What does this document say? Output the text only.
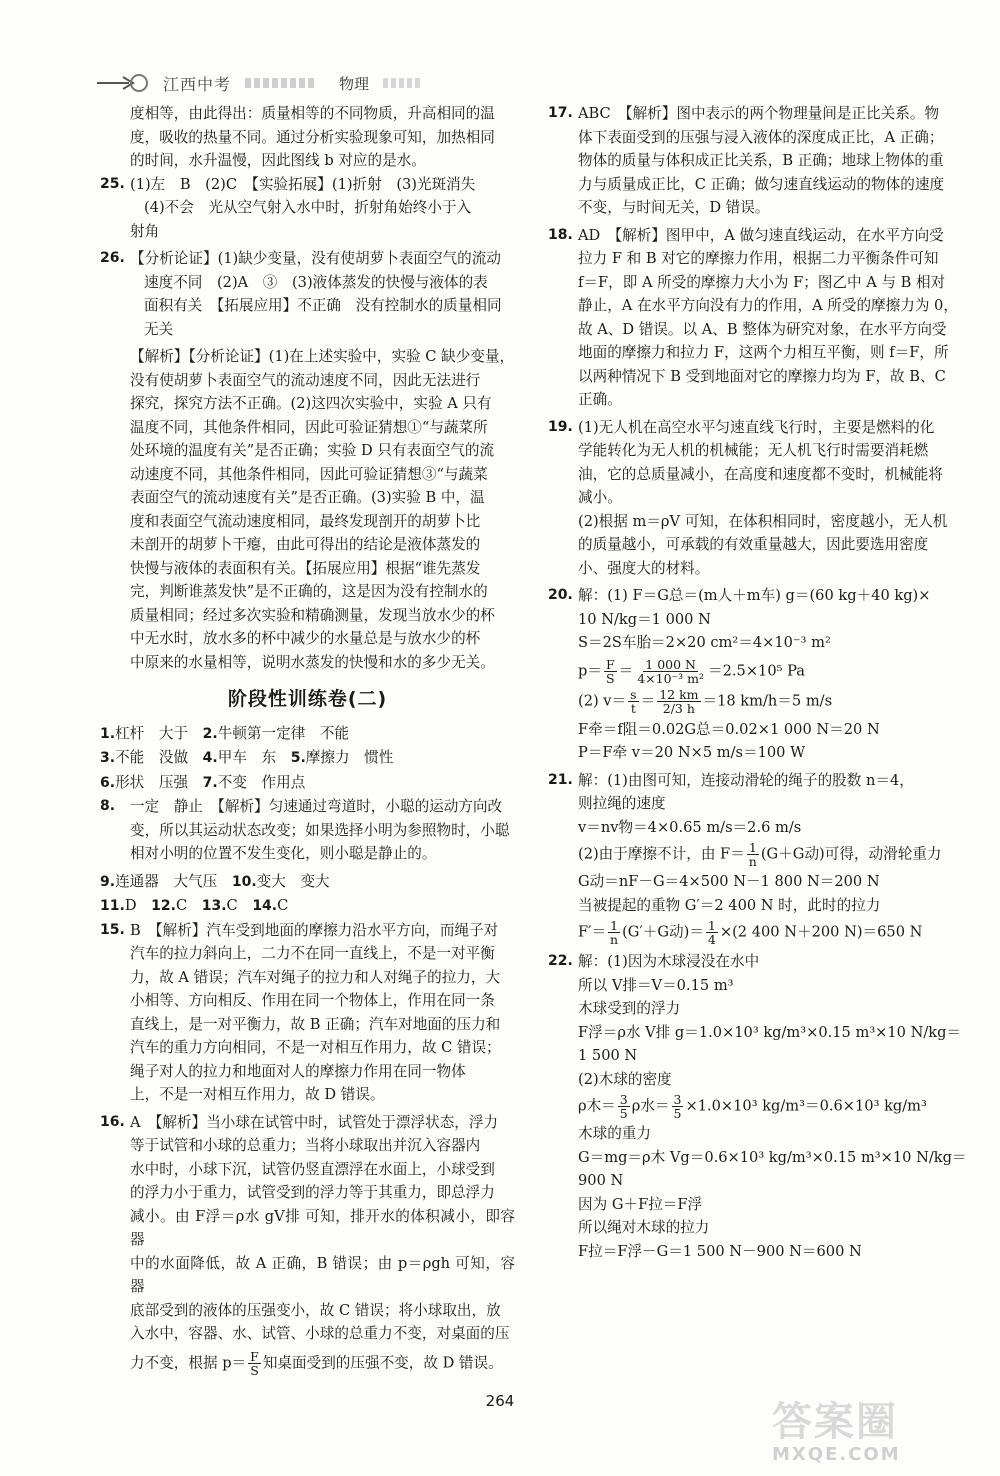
江西中考	物理

度相等，由此得出：质量相等的不同物质，升高相同的温

度，吸收的热量不同。通过分析实验现象可知，加热相同

的时间，水升温慢，因此图线 b 对应的是水。

25. (1)左　B　(2)C　【实验拓展】(1)折射　(3)光斑消失

(4)不会　光从空气射入水中时，折射角始终小于入

射角

26. 【分析论证】(1)缺少变量，没有使胡萝卜表面空气的流动

速度不同　(2)A　③　(3)液体蒸发的快慢与液体的表

面积有关　【拓展应用】不正确　没有控制水的质量相同

无关

【解析】【分析论证】(1)在上述实验中，实验 C 缺少变量，

没有使胡萝卜表面空气的流动速度不同，因此无法进行

探究，探究方法不正确。(2)这四次实验中，实验 A 只有

温度不同，其他条件相同，因此可验证猜想①“与蔬菜所

处环境的温度有关”是否正确；实验 D 只有表面空气的流

动速度不同，其他条件相同，因此可验证猜想③“与蔬菜

表面空气的流动速度有关”是否正确。(3)实验 B 中，温

度和表面空气流动速度相同，最终发现剖开的胡萝卜比

未剖开的胡萝卜干瘪，由此可得出的结论是液体蒸发的

快慢与液体的表面积有关。【拓展应用】根据“谁先蒸发

完，判断谁蒸发快”是不正确的，这是因为没有控制水的

质量相同；经过多次实验和精确测量，发现当放水少的杯

中无水时，放水多的杯中减少的水量总是与放水少的杯

中原来的水量相等，说明水蒸发的快慢和水的多少无关。

阶段性训练卷(二)

1.杠杆　大于　 2.牛顿第一定律　不能

3.不能　没做　 4.甲车　东　 5.摩擦力　惯性

6.形状　压强　 7.不变　作用点

8. 一定　静止　【解析】匀速通过弯道时，小聪的运动方向改

变，所以其运动状态改变；如果选择小明为参照物时，小聪

相对小明的位置不发生变化，则小聪是静止的。

9.连通器　大气压　 10.变大　变大

11.D　 12.C　 13.C　 14.C

15. B　【解析】汽车受到地面的摩擦力沿水平方向，而绳子对

汽车的拉力斜向上，二力不在同一直线上，不是一对平衡

力，故 A 错误；汽车对绳子的拉力和人对绳子的拉力，大

小相等、方向相反、作用在同一个物体上，作用在同一条

直线上，是一对平衡力，故 B 正确；汽车对地面的压力和

汽车的重力方向相同，不是一对相互作用力，故 C 错误；

绳子对人的拉力和地面对人的摩擦力作用在同一物体

上，不是一对相互作用力，故 D 错误。

16. A　【解析】当小球在试管中时，试管处于漂浮状态，浮力

等于试管和小球的总重力；当将小球取出并沉入容器内

水中时，小球下沉，试管仍竖直漂浮在水面上，小球受到

的浮力小于重力，试管受到的浮力等于其重力，即总浮力

减小。由 F浮＝ρ水 gV排 可知，排开水的体积减小，即容器

中的水面降低，故 A 正确，B 错误；由 p＝ρgh 可知，容器

底部受到的液体的压强变小，故 C 错误；将小球取出，放

入水中，容器、水、试管、小球的总重力不变，对桌面的压

力不变，根据 $p= \frac{F}{S}$ 知桌面受到的压强不变，故 D 错误。

17. ABC　【解析】图中表示的两个物理量间是正比关系。物

体下表面受到的压强与浸入液体的深度成正比，A 正确；

物体的质量与体积成正比关系，B 正确；地球上物体的重

力与质量成正比，C 正确；做匀速直线运动的物体的速度

不变，与时间无关，D 错误。

18. AD　【解析】图甲中，A 做匀速直线运动，在水平方向受

拉力 F 和 B 对它的摩擦力作用，根据二力平衡条件可知

f＝F，即 A 所受的摩擦力大小为 F；图乙中 A 与 B 相对

静止，A 在水平方向没有力的作用，A 所受的摩擦力为 0，

故 A、D 错误。以 A、B 整体为研究对象，在水平方向受

地面的摩擦力和拉力 F，这两个力相互平衡，则 f＝F，所

以两种情况下 B 受到地面对它的摩擦力均为 F，故 B、C

正确。

19. (1)无人机在高空水平匀速直线飞行时，主要是燃料的化

学能转化为无人机的机械能；无人机飞行时需要消耗燃

油，它的总质量减小，在高度和速度都不变时，机械能将

减小。

(2)根据 m＝ρV 可知，在体积相同时，密度越小，无人机

的质量越小，可承载的有效重量越大，因此要选用密度

小、强度大的材料。

20. 解：(1) F＝G总＝(m人＋m车) g＝(60 kg＋40 kg)×

10 N/kg＝1 000 N

S＝2S车胎＝2×20 cm²＝4×10⁻³ m²

$p= \frac{F}{S} = \frac{1 000 N}{\text{4×10⁻³ m²}} =2.5\times 10^5$ Pa

(2) $v= \frac{s}{t} = \frac{12 km}{2/3 h} =18$ km/h＝5 m/s

F牵＝f阻＝0.02G总＝0.02×1 000 N＝20 N

P＝F牵 v＝20 N×5 m/s＝100 W

21. 解：(1)由图可知，连接动滑轮的绳子的股数 n＝4，

则拉绳的速度

v＝nv物＝4×0.65 m/s＝2.6 m/s

(2)由于摩擦不计，由 $F= \frac{1}{n} (G+G$动)可得，动滑轮重力

G动＝nF－G＝4×500 N－1 800 N＝200 N

当被提起的重物 G′＝2 400 N 时，此时的拉力

$F'= \frac{1}{n} (G'+G$动)＝ $\frac{1}{4} \times(2$ 400 N＋200 N)＝650 N

22. 解：(1)因为木球浸没在水中

所以 V排＝V＝0.15 m³

木球受到的浮力

F浮＝ρ水 V排 g＝1.0×10³ kg/m³×0.15 m³×10 N/kg＝

1 500 N

(2)木球的密度

ρ木＝ $\frac{3}{5}$ ρ水＝ $\frac{3}{5} \times 1.0\times 10^3$ kg/m³＝0.6×10³ kg/m³

木球的重力

G＝mg＝ρ木 Vg＝0.6×10³ kg/m³×0.15 m³×10 N/kg＝

900 N

因为 G＋F拉＝F浮

所以绳对木球的拉力

F拉＝F浮－G＝1 500 N－900 N＝600 N

264	答案圈
MXQE.COM
